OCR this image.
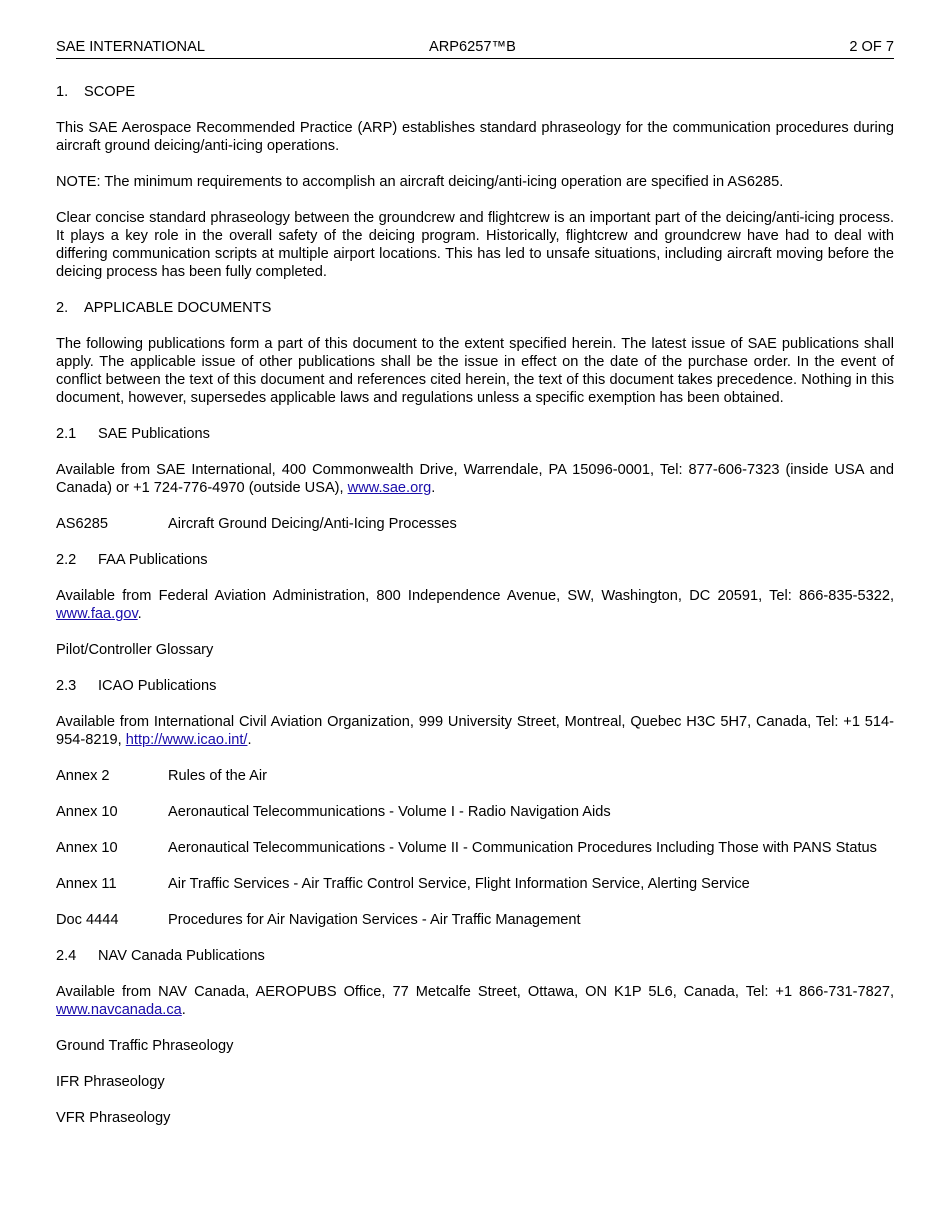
SAE INTERNATIONAL	ARP6257™B	2 OF 7
1. SCOPE

This SAE Aerospace Recommended Practice (ARP) establishes standard phraseology for the communication procedures during aircraft ground deicing/anti-icing operations.

NOTE: The minimum requirements to accomplish an aircraft deicing/anti-icing operation are specified in AS6285.

Clear concise standard phraseology between the groundcrew and flightcrew is an important part of the deicing/anti-icing process. It plays a key role in the overall safety of the deicing program. Historically, flightcrew and groundcrew have had to deal with differing communication scripts at multiple airport locations. This has led to unsafe situations, including aircraft moving before the deicing process has been fully completed.

2. APPLICABLE DOCUMENTS

The following publications form a part of this document to the extent specified herein. The latest issue of SAE publications shall apply. The applicable issue of other publications shall be the issue in effect on the date of the purchase order. In the event of conflict between the text of this document and references cited herein, the text of this document takes precedence. Nothing in this document, however, supersedes applicable laws and regulations unless a specific exemption has been obtained.

2.1 SAE Publications

Available from SAE International, 400 Commonwealth Drive, Warrendale, PA 15096-0001, Tel: 877-606-7323 (inside USA and Canada) or +1 724-776-4970 (outside USA), www.sae.org.

AS6285	Aircraft Ground Deicing/Anti-Icing Processes
2.2 FAA Publications

Available from Federal Aviation Administration, 800 Independence Avenue, SW, Washington, DC 20591, Tel: 866-835-5322, www.faa.gov.

Pilot/Controller Glossary
2.3 ICAO Publications

Available from International Civil Aviation Organization, 999 University Street, Montreal, Quebec H3C 5H7, Canada, Tel: +1 514-954-8219, http://www.icao.int/.

Annex 2	Rules of the Air
Annex 10	Aeronautical Telecommunications - Volume I - Radio Navigation Aids
Annex 10	Aeronautical Telecommunications - Volume II - Communication Procedures Including Those with PANS Status
Annex 11	Air Traffic Services - Air Traffic Control Service, Flight Information Service, Alerting Service
Doc 4444	Procedures for Air Navigation Services - Air Traffic Management
2.4 NAV Canada Publications

Available from NAV Canada, AEROPUBS Office, 77 Metcalfe Street, Ottawa, ON K1P 5L6, Canada, Tel: +1 866-731-7827, www.navcanada.ca.

Ground Traffic Phraseology
IFR Phraseology
VFR Phraseology
